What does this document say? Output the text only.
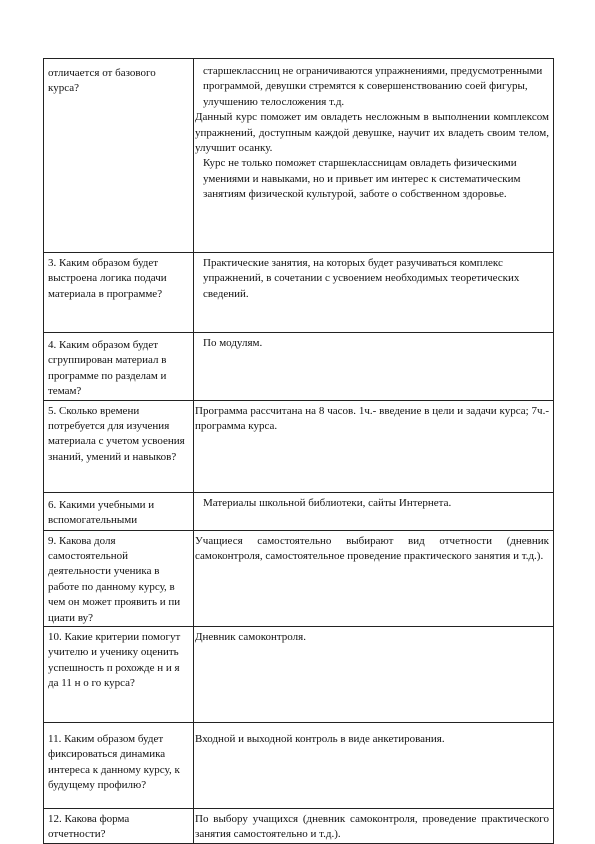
отличается от базового курса?	старшеклассниц не ограничиваются упражнениями, предусмотренными программой, девушки стремятся к совершенствованию соей фигуры, улучшению телосложения т.д.
Данный курс поможет им овладеть несложным в выполнении комплексом упражнений, доступным каждой девушке, научит их владеть своим телом, улучшит осанку.
Курс не только поможет старшеклассницам овладеть физическими умениями и навыками, но и привьет им интерес к систематическим занятиям физической культурой, заботе о собственном здоровье.

3. Каким образом будет выстроена логика подачи материала в программе?	Практические занятия, на которых будет разучиваться комплекс упражнений, в сочетании с усвоением необходимых теоретических сведений.

4. Каким образом будет сгруппирован материал в программе по разделам и темам?	По модулям.

5. Сколько времени потребуется для изучения материала с учетом усвоения знаний, умений и навыков?	Программа рассчитана на 8 часов. 1ч.- введение в цели и задачи курса; 7ч.- программа курса.

6. Какими учебными и вспомогательными	Материалы школьной библиотеки, сайты Интернета.

9. Какова доля самостоятельной деятельности ученика в работе по данному курсу, в чем он может проявить и пи циати ву?	Учащиеся самостоятельно выбирают вид отчетности (дневник самоконтроля, самостоятельное проведение практического занятия и т.д.).

10. Какие критерии помогут учителю и ученику оценить успешность п рохожде н и я да 11 н о го курса?	Дневник самоконтроля.

11. Каким образом будет фиксироваться динамика интереса к данному курсу, к будущему профилю?	Входной и выходной контроль в виде анкетирования.

12. Какова форма отчетности?	По выбору учащихся (дневник самоконтроля, проведение практического занятия самостоятельно и т.д.).
